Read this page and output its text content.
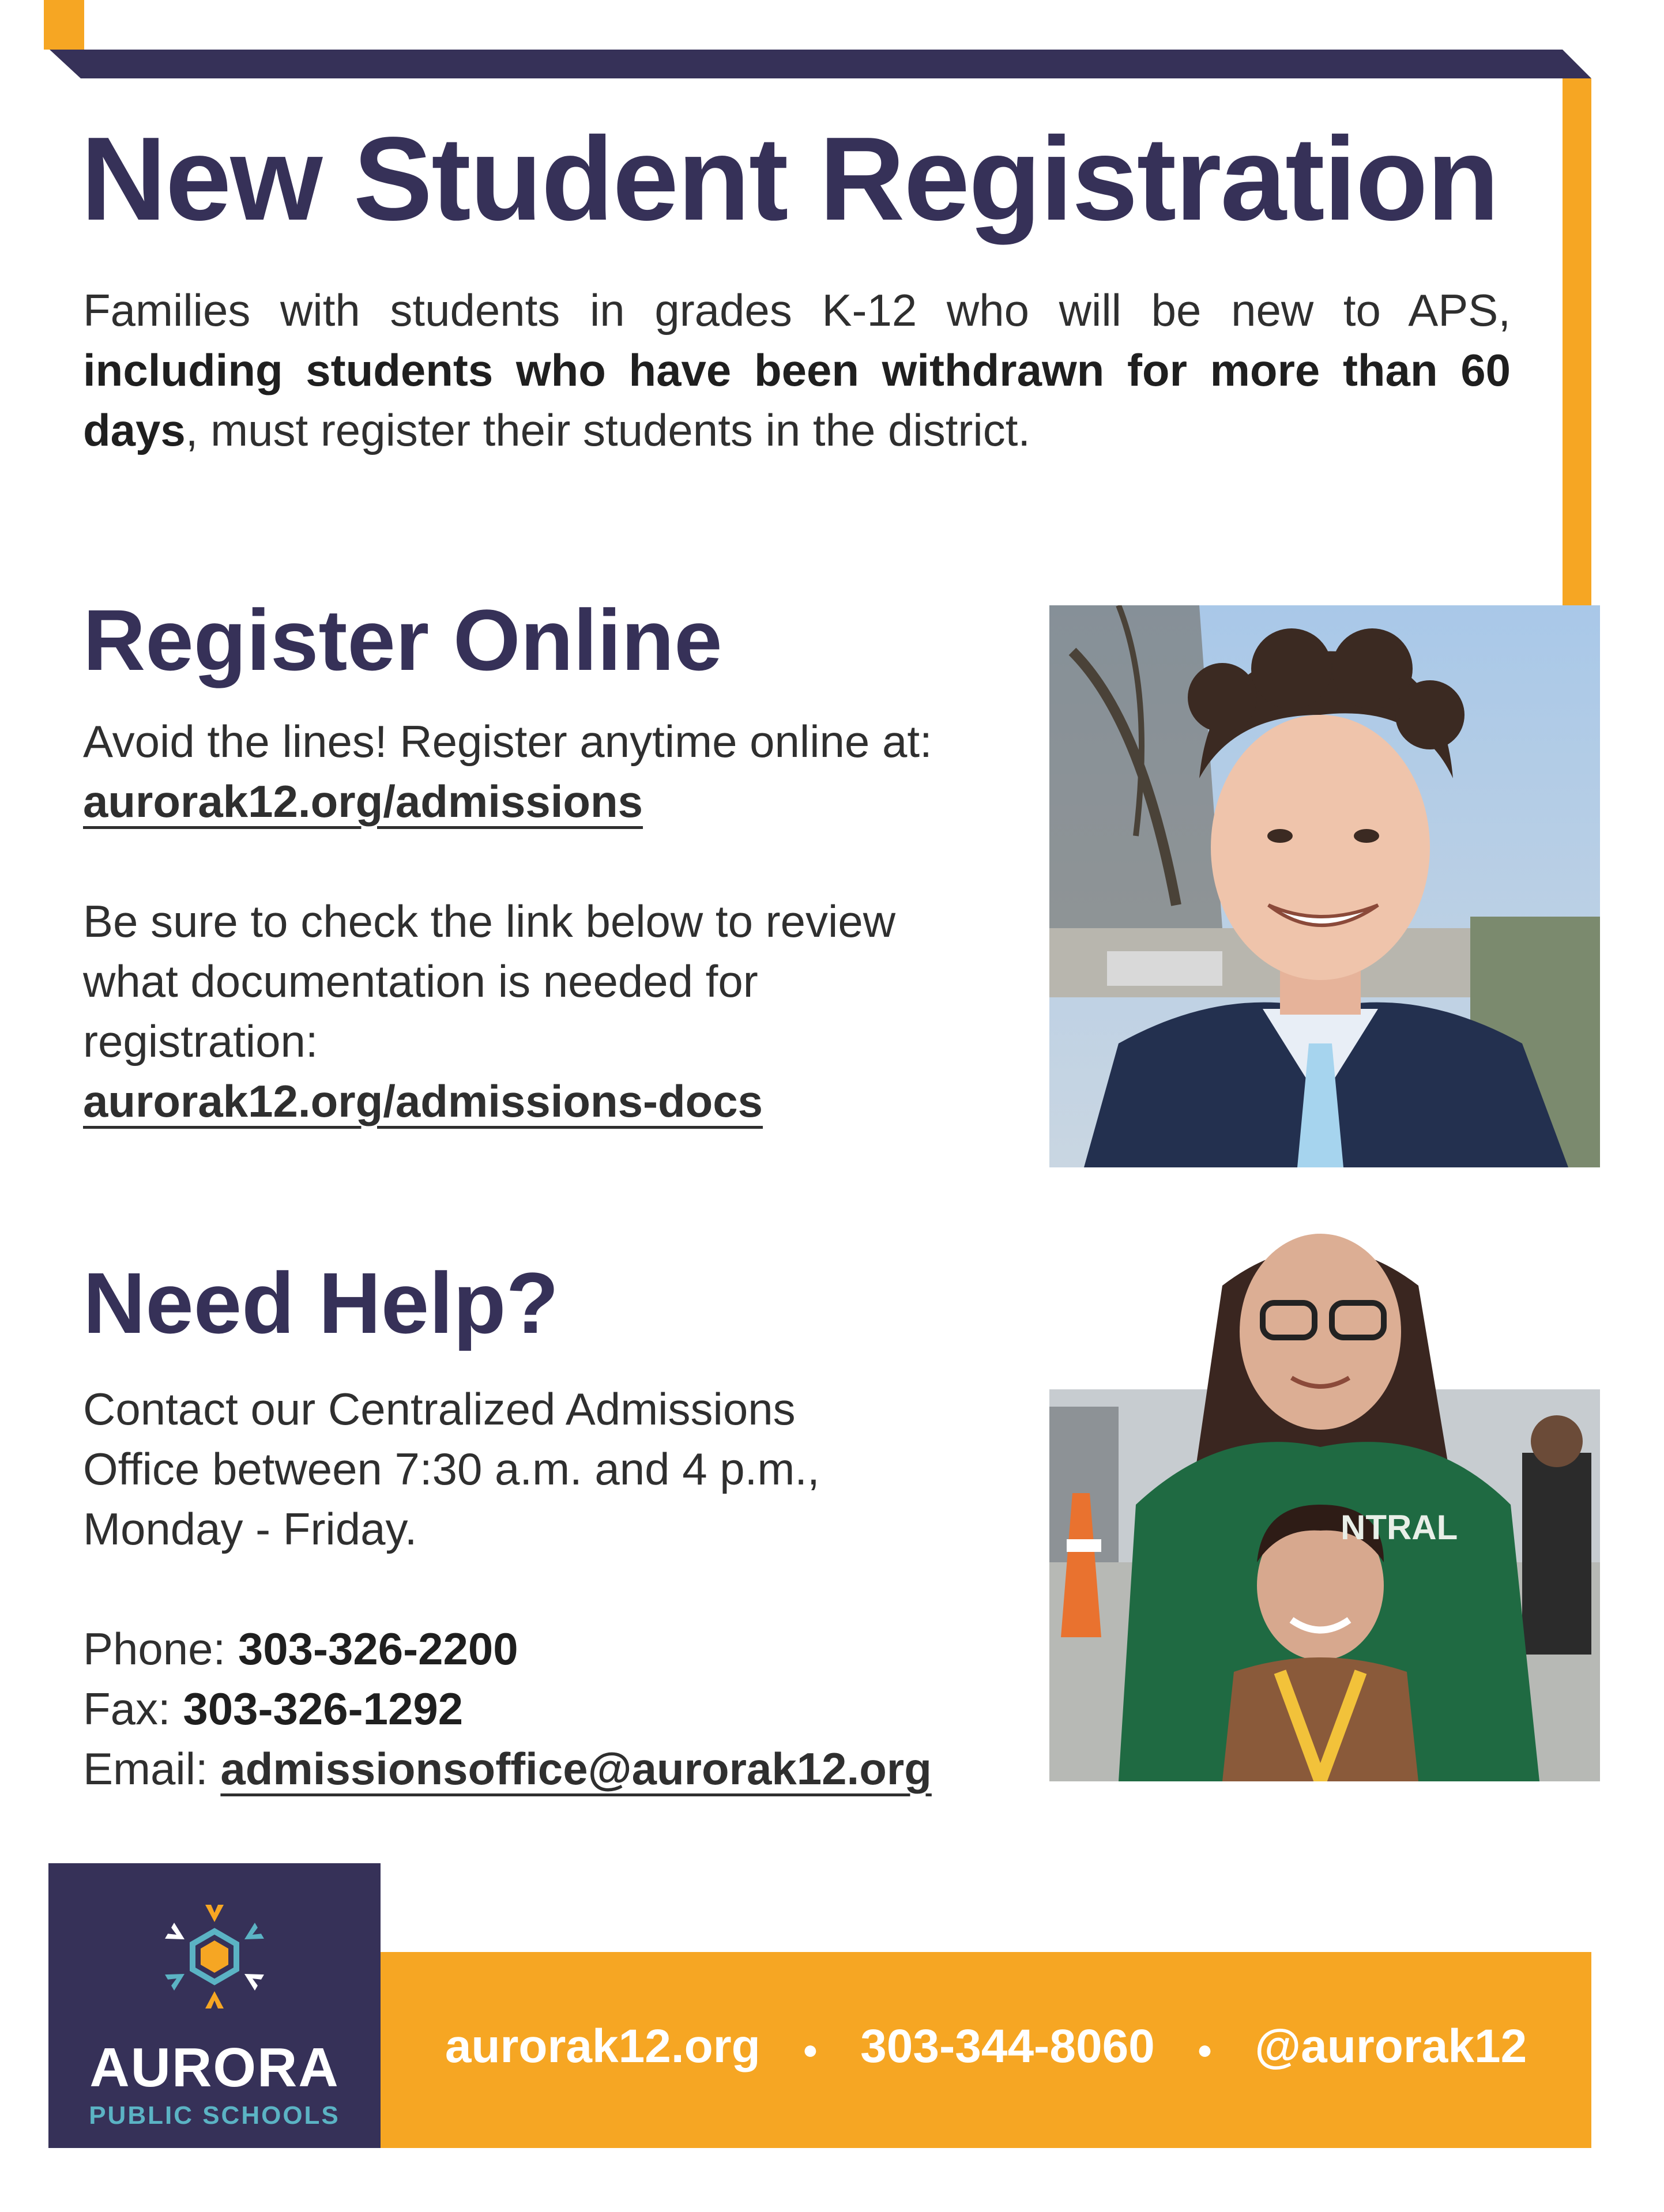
New Student Registration

Families with students in grades K-12 who will be new to APS, including students who have been withdrawn for more than 60 days, must register their students in the district.

Register Online
Avoid the lines! Register anytime online at:
aurorak12.org/admissions
Be sure to check the link below to review what documentation is needed for registration:
aurorak12.org/admissions-docs
Need Help?
Contact our Centralized Admissions Office between 7:30 a.m. and 4 p.m., Monday - Friday.
Phone: 303-326-2200
Fax: 303-326-1292
Email: admissionsoffice@aurorak12.org
NTRAL
AURORA
PUBLIC SCHOOLS
aurorak12.org ● 303-344-8060 ● @aurorak12
